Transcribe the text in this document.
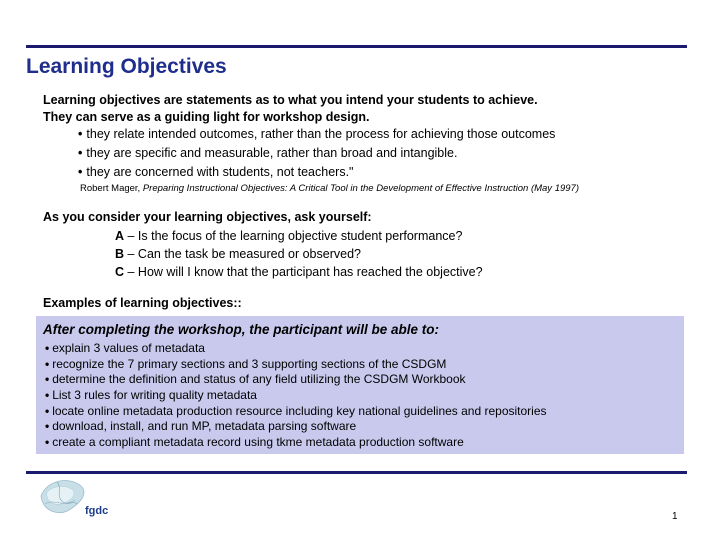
Learning Objectives
Learning objectives are statements as to what you intend your students to achieve.
They can serve as a guiding light for workshop design.
• they relate intended outcomes, rather than the process for achieving those outcomes
• they are specific and measurable, rather than broad and intangible.
• they are concerned with students, not teachers."
Robert Mager, Preparing Instructional Objectives: A Critical Tool in the Development of Effective Instruction (May 1997)
As you consider your learning objectives, ask yourself:
A – Is the focus of the learning objective student performance?
B – Can the task be measured or observed?
C – How will I know that the participant has reached the objective?
Examples of learning objectives::
After completing the workshop, the participant will be able to:
• explain 3 values of metadata
• recognize the 7 primary sections and 3 supporting sections of the CSDGM
• determine the definition and status of any field utilizing the CSDGM Workbook
• List 3 rules for writing quality metadata
• locate online metadata production resource including key national guidelines and repositories
• download, install, and run MP, metadata parsing software
• create a compliant metadata record using tkme metadata production software
fgdc	1
